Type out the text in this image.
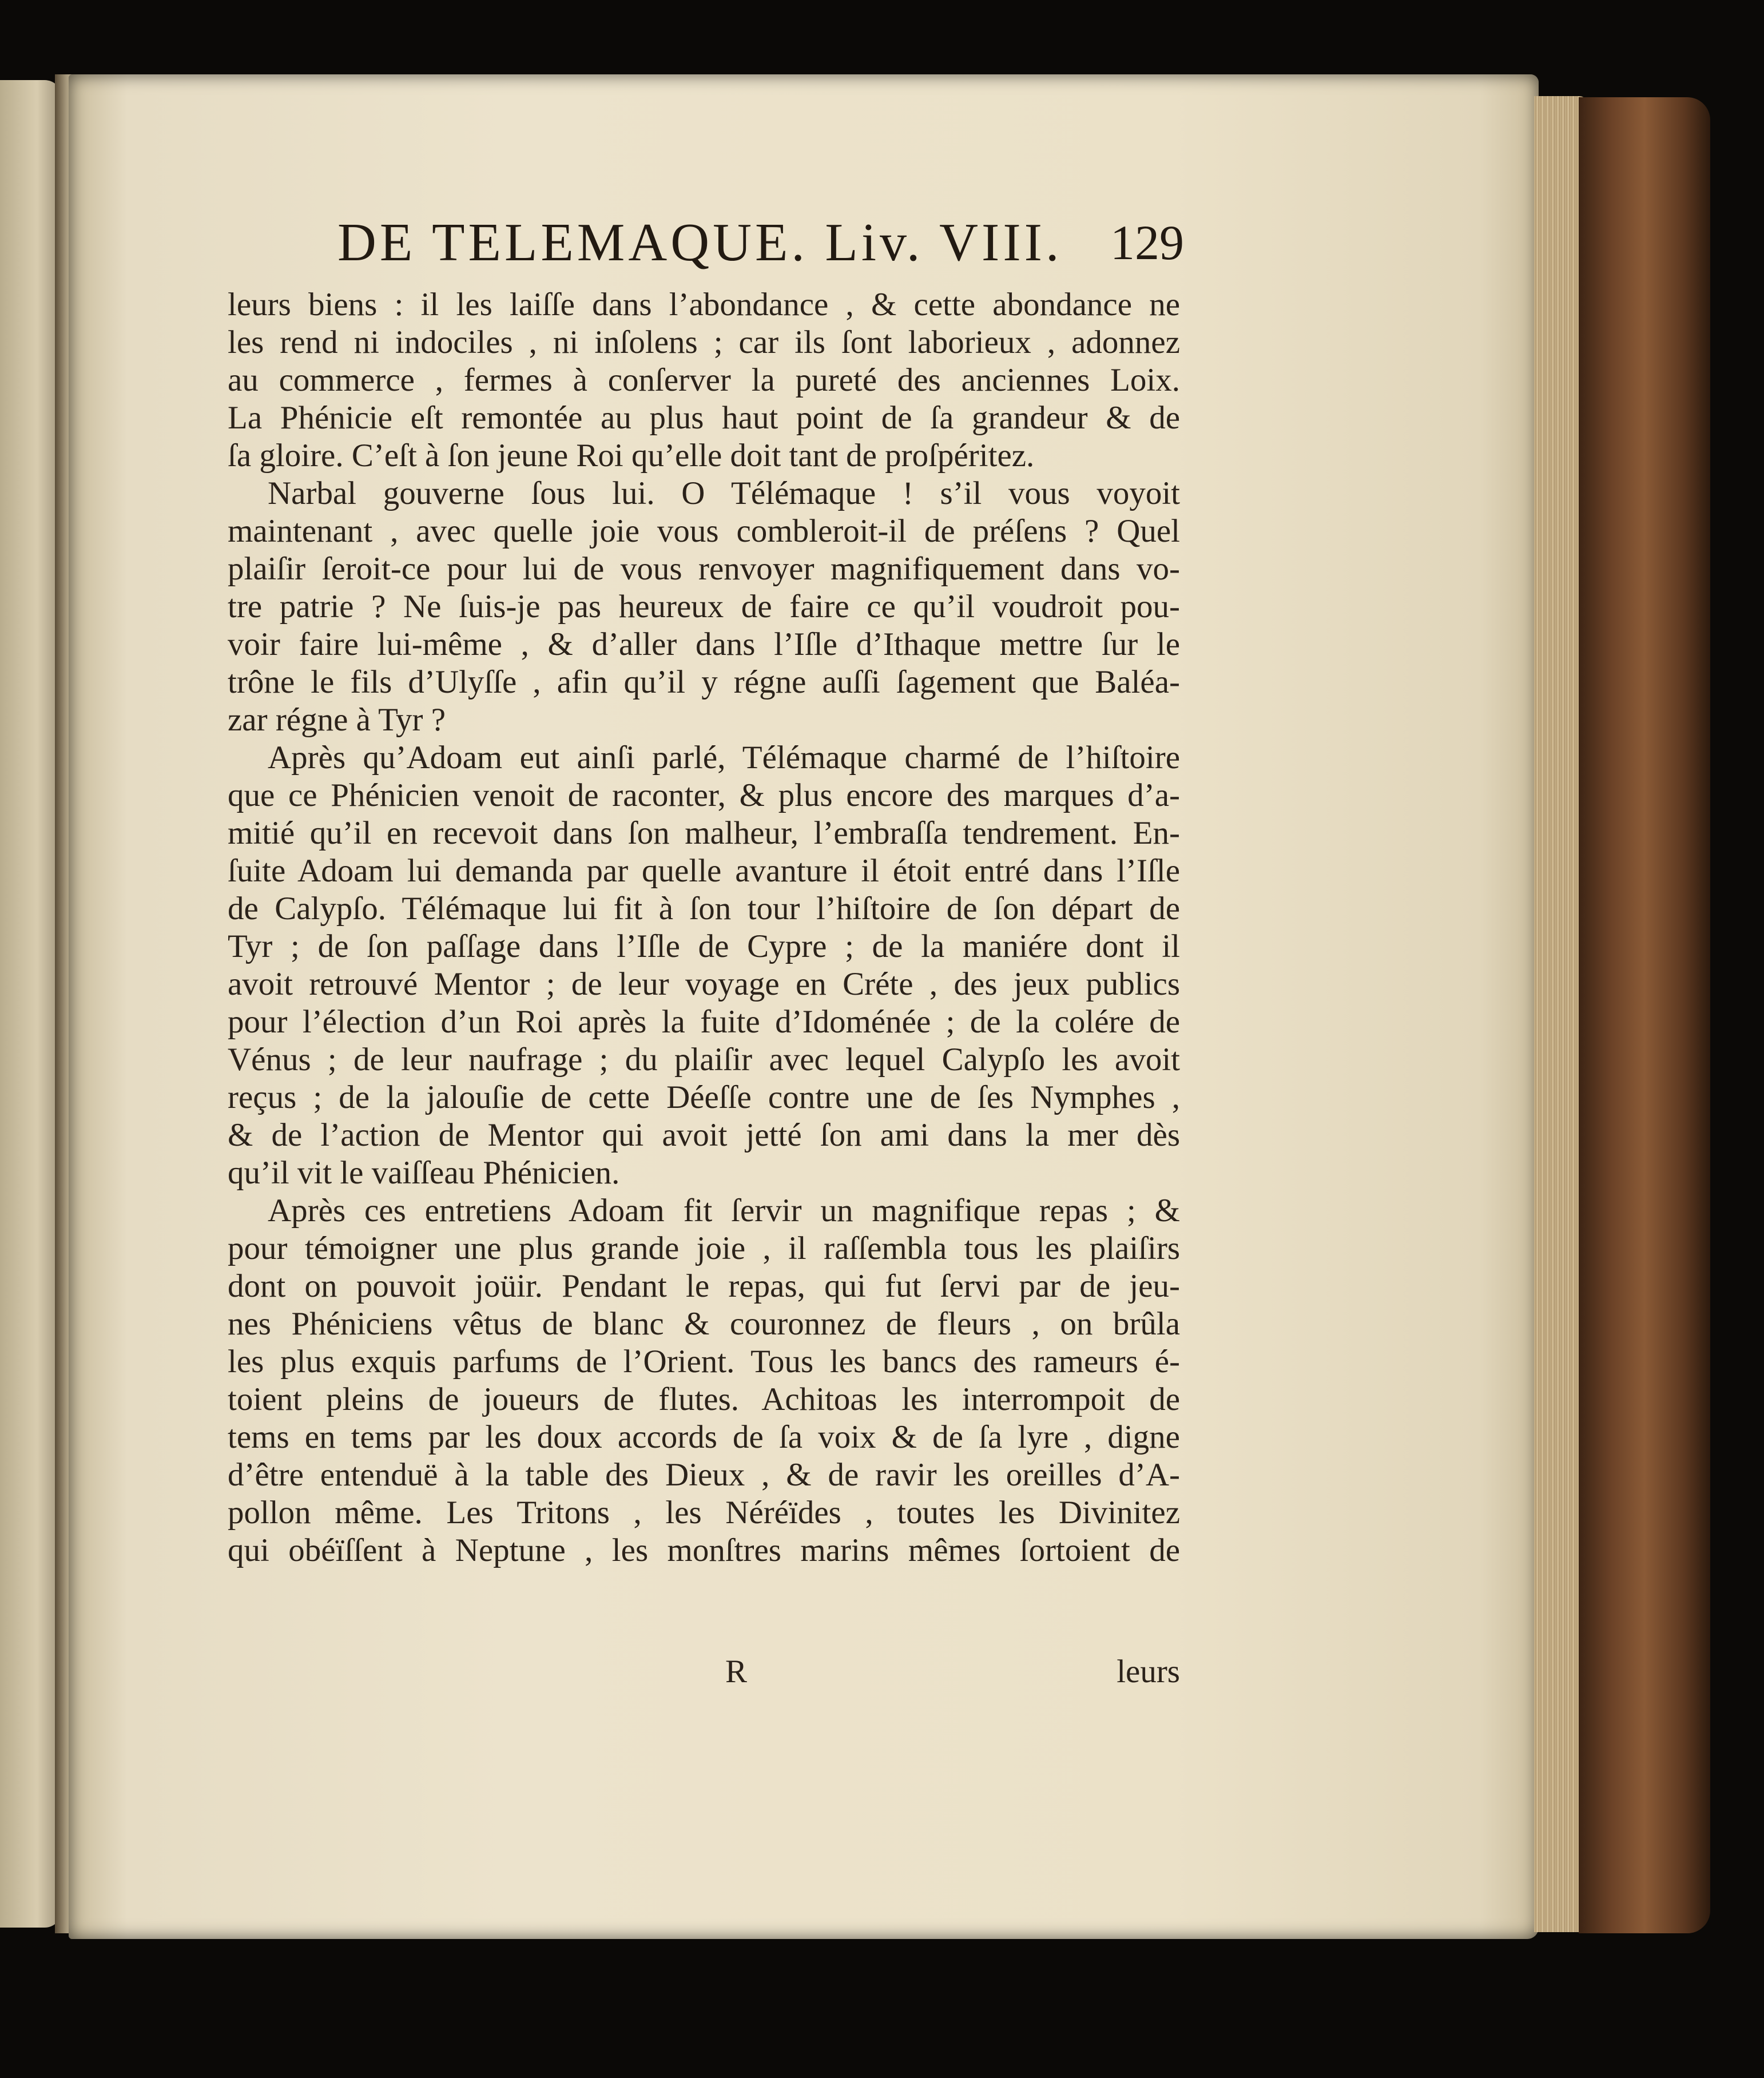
DE TELEMAQUE. Liv. VIII. 129
leurs biens : il les laiſſe dans l’abondance , & cette abondance ne
les rend ni indociles , ni inſolens ; car ils ſont laborieux , adonnez
au commerce , fermes à conſerver la pureté des anciennes Loix.
La Phénicie eſt remontée au plus haut point de ſa grandeur & de
ſa gloire. C’eſt à ſon jeune Roi qu’elle doit tant de proſpéritez.
Narbal gouverne ſous lui. O Télémaque ! s’il vous voyoit
maintenant , avec quelle joie vous combleroit-il de préſens ? Quel
plaiſir ſeroit-ce pour lui de vous renvoyer magnifiquement dans vo-
tre patrie ? Ne ſuis-je pas heureux de faire ce qu’il voudroit pou-
voir faire lui-même , & d’aller dans l’Iſle d’Ithaque mettre ſur le
trône le fils d’Ulyſſe , afin qu’il y régne auſſi ſagement que Baléa-
zar régne à Tyr ?
Après qu’Adoam eut ainſi parlé, Télémaque charmé de l’hiſtoire
que ce Phénicien venoit de raconter, & plus encore des marques d’a-
mitié qu’il en recevoit dans ſon malheur, l’embraſſa tendrement. En-
ſuite Adoam lui demanda par quelle avanture il étoit entré dans l’Iſle
de Calypſo. Télémaque lui fit à ſon tour l’hiſtoire de ſon départ de
Tyr ; de ſon paſſage dans l’Iſle de Cypre ; de la maniére dont il
avoit retrouvé Mentor ; de leur voyage en Créte , des jeux publics
pour l’élection d’un Roi après la fuite d’Idoménée ; de la colére de
Vénus ; de leur naufrage ; du plaiſir avec lequel Calypſo les avoit
reçus ; de la jalouſie de cette Déeſſe contre une de ſes Nymphes ,
& de l’action de Mentor qui avoit jetté ſon ami dans la mer dès
qu’il vit le vaiſſeau Phénicien.
Après ces entretiens Adoam fit ſervir un magnifique repas ; &
pour témoigner une plus grande joie , il raſſembla tous les plaiſirs
dont on pouvoit joüir. Pendant le repas, qui fut ſervi par de jeu-
nes Phéniciens vêtus de blanc & couronnez de fleurs , on brûla
les plus exquis parfums de l’Orient. Tous les bancs des rameurs é-
toient pleins de joueurs de flutes. Achitoas les interrompoit de
tems en tems par les doux accords de ſa voix & de ſa lyre , digne
d’être entenduë à la table des Dieux , & de ravir les oreilles d’A-
pollon même. Les Tritons , les Néréïdes , toutes les Divinitez
qui obéïſſent à Neptune , les monſtres marins mêmes ſortoient de
R	leurs
